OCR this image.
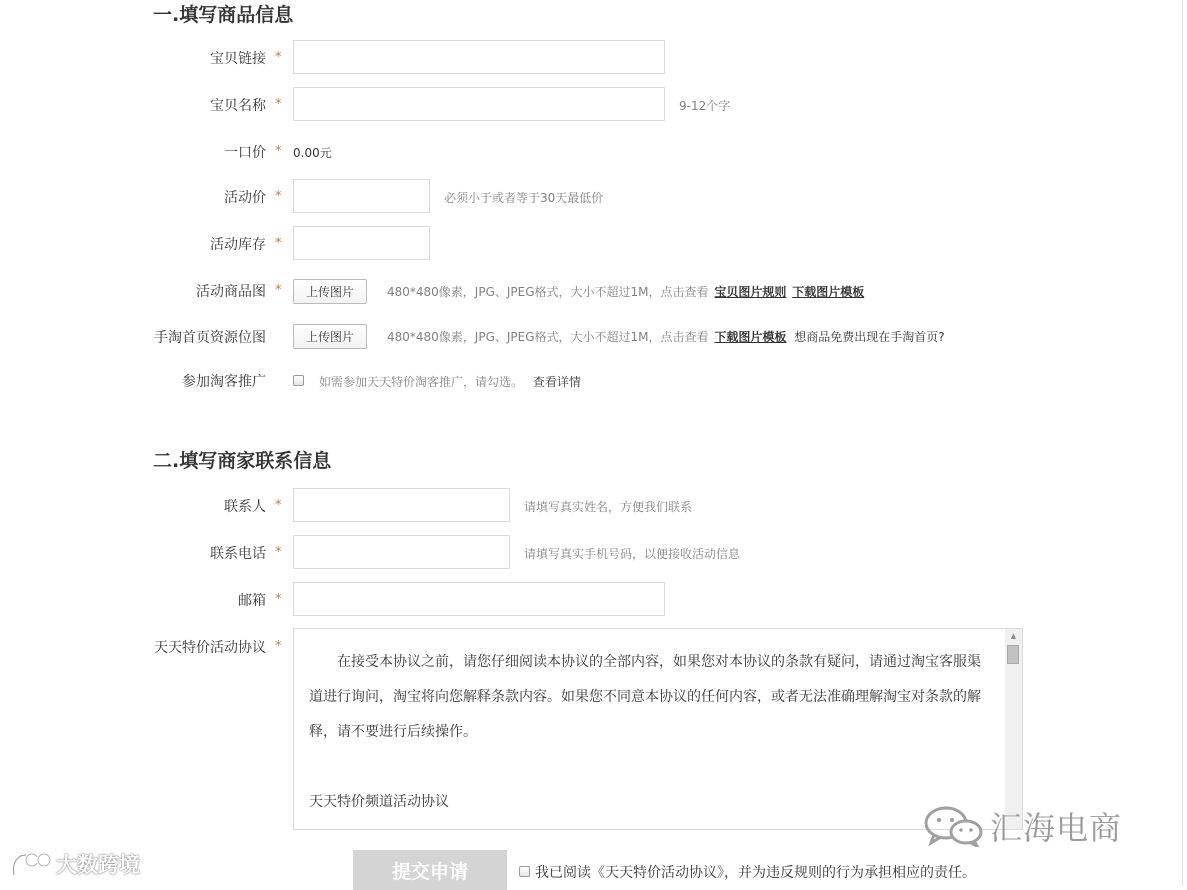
一.填写商品信息
宝贝链接 *
宝贝名称 *	9-12个字
一口价 * 0.00元
活动价 *	必须小于或者等于30天最低价
活动库存 *
活动商品图 *	上传图片	480*480像素，JPG、JPEG格式，大小不超过1M，点击查看 宝贝图片规则 下载图片模板
手淘首页资源位图	上传图片	480*480像素，JPG、JPEG格式，大小不超过1M，点击查看 下载图片模板 想商品免费出现在手淘首页?
参加淘客推广	如需参加天天特价淘客推广，请勾选。 查看详情
二.填写商家联系信息
联系人 *	请填写真实姓名，方便我们联系
联系电话 *	请填写真实手机号码，以便接收活动信息
邮箱 *
天天特价活动协议 *

在接受本协议之前，请您仔细阅读本协议的全部内容，如果您对本协议的条款有疑问，请通过淘宝客服渠

道进行询问，淘宝将向您解释条款内容。如果您不同意本协议的任何内容，或者无法准确理解淘宝对条款的解

释，请不要进行后续操作。

天天特价频道活动协议

▲
提交申请	我已阅读《天天特价活动协议》，并为违反规则的行为承担相应的责任。
汇海电商
大数跨境
